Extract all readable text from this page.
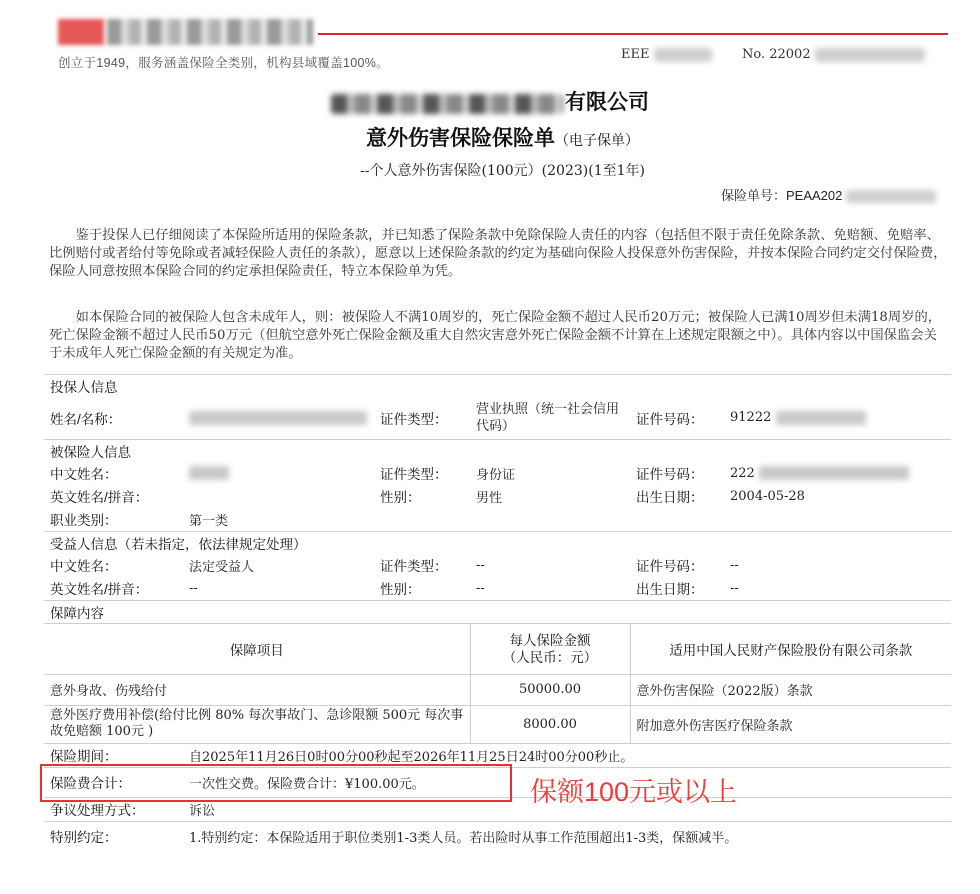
创立于1949，服务涵盖保险全类别，机构县域覆盖100%。
EEE	No. 22002
有限公司
意外伤害保险保险单（电子保单）
--个人意外伤害保险(100元）(2023)(1至1年)
保险单号：PEAA202
鉴于投保人已仔细阅读了本保险所适用的保险条款，并已知悉了保险条款中免除保险人责任的内容（包括但不限于责任免除条款、免赔额、免赔率、比例赔付或者给付等免除或者减轻保险人责任的条款），愿意以上述保险条款的约定为基础向保险人投保意外伤害保险，并按本保险合同约定交付保险费，保险人同意按照本保险合同的约定承担保险责任，特立本保险单为凭。
如本保险合同的被保险人包含未成年人，则：被保险人不满10周岁的，死亡保险金额不超过人民币20万元；被保险人已满10周岁但未满18周岁的，死亡保险金额不超过人民币50万元（但航空意外死亡保险金额及重大自然灾害意外死亡保险金额不计算在上述规定限额之中）。具体内容以中国保监会关于未成年人死亡保险金额的有关规定为准。
投保人信息					
姓名/名称：		证件类型：	营业执照（统一社会信用代码）	证件号码：	91222
被保险人信息					
中文姓名：		证件类型：	身份证	证件号码：	222
英文姓名/拼音：		性别：	男性	出生日期：	2004-05-28
职业类别：	第一类				
受益人信息（若未指定，依法律规定处理）					
中文姓名：	法定受益人	证件类型：	--	证件号码：	--
英文姓名/拼音：	--	性别：	--	出生日期：	--
保障内容					
保障项目			每人保险金额（人民币：元）	适用中国人民财产保险股份有限公司条款	
意外身故、伤残给付			50000.00	意外伤害保险（2022版）条款	
意外医疗费用补偿(给付比例 80% 每次事故门、急诊限额 500元 每次事故免赔额 100元 )			8000.00	附加意外伤害医疗保险条款	
保险期间：	自2025年11月26日0时00分00秒起至2026年11月25日24时00分00秒止。				
保险费合计：	一次性交费。保险费合计：¥100.00元。				
争议处理方式：	诉讼				
特别约定：	1.特别约定：本保险适用于职位类别1-3类人员。若出险时从事工作范围超出1-3类，保额减半。				
保额100元或以上
